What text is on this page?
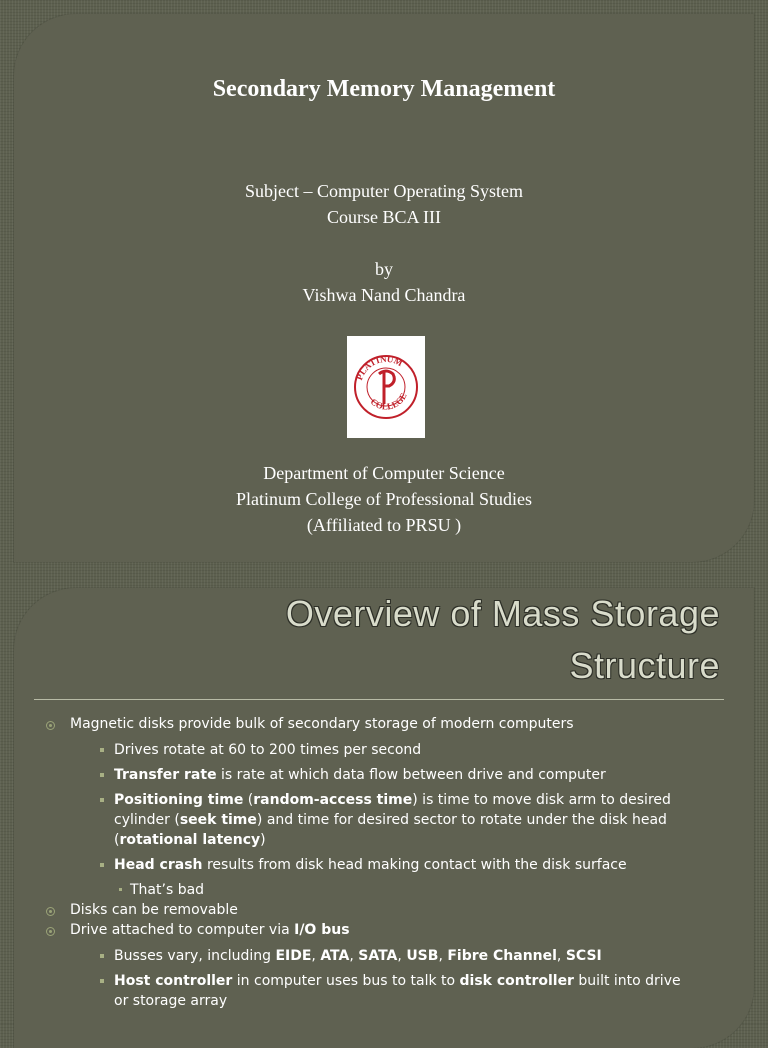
Secondary Memory Management
Subject – Computer Operating System
Course BCA III
by
Vishwa Nand Chandra
PLATINUM
COLLEGE
Department of Computer Science
Platinum College of Professional Studies
(Affiliated to PRSU )
Overview of Mass Storage
Structure
Magnetic disks provide bulk of secondary storage of modern computers
Drives rotate at 60 to 200 times per second
Transfer rate is rate at which data flow between drive and computer
Positioning time (random-access time) is time to move disk arm to desired
cylinder (seek time) and time for desired sector to rotate under the disk head
(rotational latency)
Head crash results from disk head making contact with the disk surface
That’s bad
Disks can be removable
Drive attached to computer via I/O bus
Busses vary, including EIDE, ATA, SATA, USB, Fibre Channel, SCSI
Host controller in computer uses bus to talk to disk controller built into drive
or storage array
